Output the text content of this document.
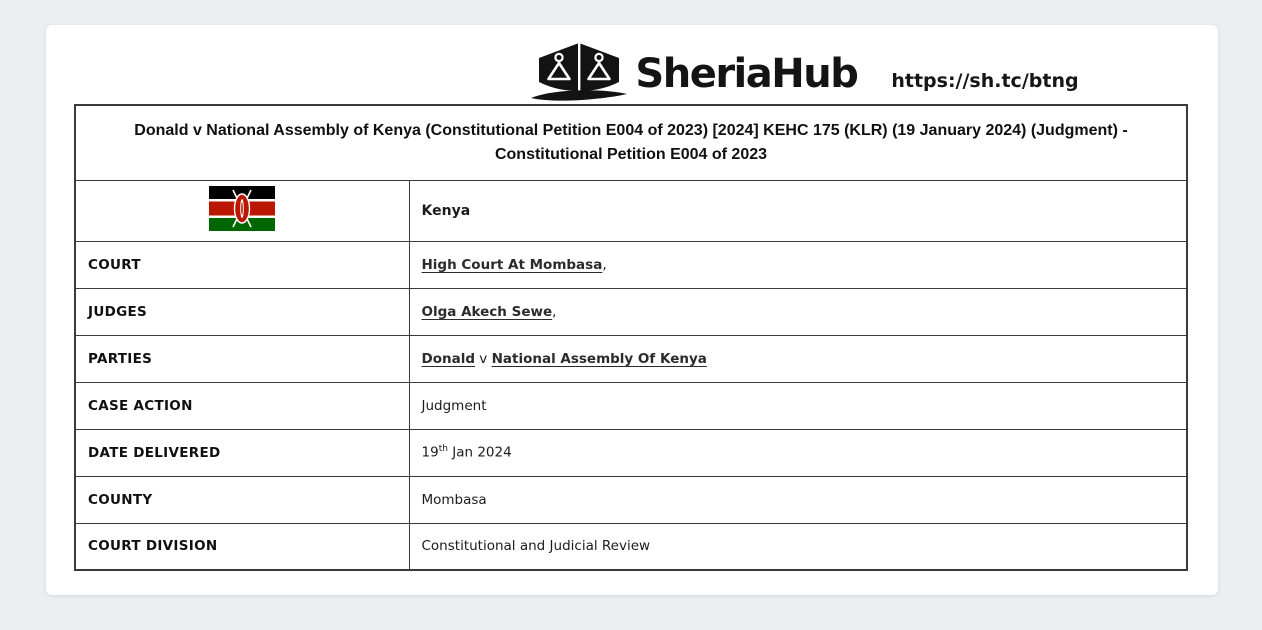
SheriaHub https://sh.tc/btng
Donald v National Assembly of Kenya (Constitutional Petition E004 of 2023) [2024] KEHC 175 (KLR) (19 January 2024) (Judgment) - Constitutional Petition E004 of 2023	
	Kenya
COURT	High Court At Mombasa,
JUDGES	Olga Akech Sewe,
PARTIES	Donald v National Assembly Of Kenya
CASE ACTION	Judgment
DATE DELIVERED	19th Jan 2024
COUNTY	Mombasa
COURT DIVISION	Constitutional and Judicial Review
